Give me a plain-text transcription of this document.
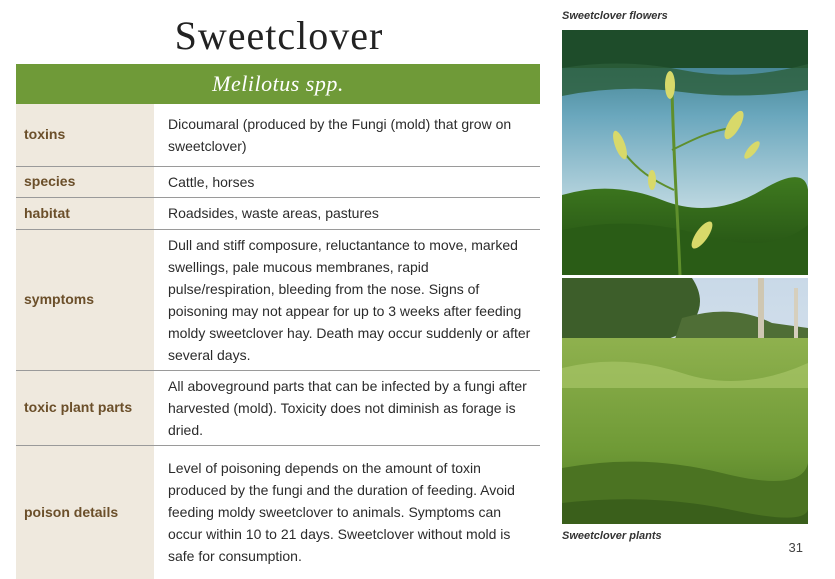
Sweetclover
Melilotus spp.
toxins	Dicoumaral (produced by the Fungi (mold) that grow on sweetclover)
species	Cattle, horses
habitat	Roadsides, waste areas, pastures
symptoms	Dull and stiff composure, reluctantance to move, marked swellings, pale mucous membranes, rapid pulse/respiration, bleeding from the nose. Signs of poisoning may not appear for up to 3 weeks after feeding moldy sweetclover hay. Death may occur suddenly or after several days.
toxic plant parts	All aboveground parts that can be infected by a fungi after harvested (mold). Toxicity does not diminish as forage is dried.
poison details	Level of poisoning depends on the amount of toxin produced by the fungi and the duration of feeding. Avoid feeding moldy sweetclover to animals. Symptoms can occur within 10 to 21 days. Sweetclover without mold is safe for consumption.
Sweetclover flowers
Sweetclover plants
31
